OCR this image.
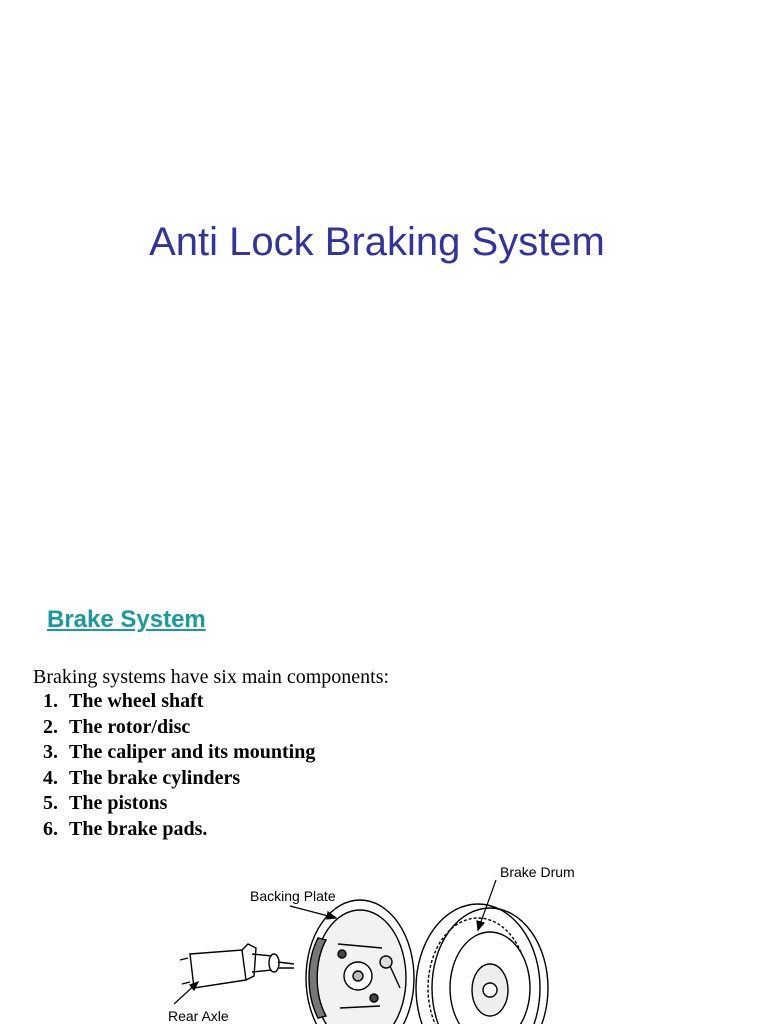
Anti Lock Braking System
Brake System
Braking systems have six main components:
1. The wheel shaft
2. The rotor/disc
3. The caliper and its mounting
4. The brake cylinders
5. The pistons
6. The brake pads.
Brake Drum
Backing Plate
Rear Axle
